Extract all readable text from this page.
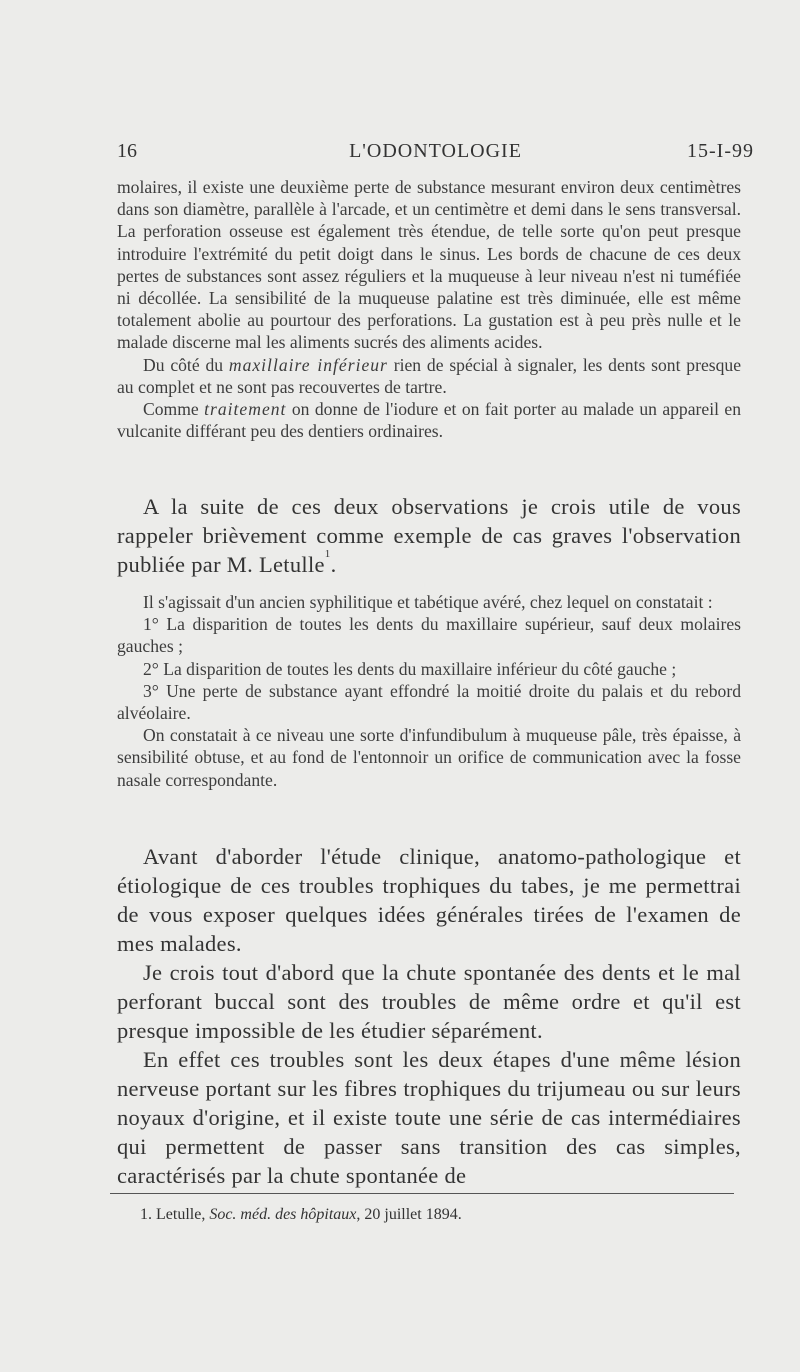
16	L'ODONTOLOGIE	15-I-99

molaires, il existe une deuxième perte de substance mesurant environ deux centimètres dans son diamètre, parallèle à l'arcade, et un centimètre et demi dans le sens transversal. La perforation osseuse est également très étendue, de telle sorte qu'on peut presque introduire l'extrémité du petit doigt dans le sinus. Les bords de chacune de ces deux pertes de substances sont assez réguliers et la muqueuse à leur niveau n'est ni tuméfiée ni décollée. La sensibilité de la muqueuse palatine est très diminuée, elle est même totalement abolie au pourtour des perforations. La gustation est à peu près nulle et le malade discerne mal les aliments sucrés des aliments acides.

Du côté du maxillaire inférieur rien de spécial à signaler, les dents sont presque au complet et ne sont pas recouvertes de tartre.

Comme traitement on donne de l'iodure et on fait porter au malade un appareil en vulcanite différant peu des dentiers ordinaires.

A la suite de ces deux observations je crois utile de vous rappeler brièvement comme exemple de cas graves l'observation publiée par M. Letulle$^1$.

Il s'agissait d'un ancien syphilitique et tabétique avéré, chez lequel on constatait :

1° La disparition de toutes les dents du maxillaire supérieur, sauf deux molaires gauches ;

2° La disparition de toutes les dents du maxillaire inférieur du côté gauche ;

3° Une perte de substance ayant effondré la moitié droite du palais et du rebord alvéolaire.

On constatait à ce niveau une sorte d'infundibulum à muqueuse pâle, très épaisse, à sensibilité obtuse, et au fond de l'entonnoir un orifice de communication avec la fosse nasale correspondante.

Avant d'aborder l'étude clinique, anatomo-pathologique et étiologique de ces troubles trophiques du tabes, je me permettrai de vous exposer quelques idées générales tirées de l'examen de mes malades.

Je crois tout d'abord que la chute spontanée des dents et le mal perforant buccal sont des troubles de même ordre et qu'il est presque impossible de les étudier séparément.

En effet ces troubles sont les deux étapes d'une même lésion nerveuse portant sur les fibres trophiques du trijumeau ou sur leurs noyaux d'origine, et il existe toute une série de cas intermédiaires qui permettent de passer sans transition des cas simples, caractérisés par la chute spontanée de

1. Letulle, Soc. méd. des hôpitaux, 20 juillet 1894.
